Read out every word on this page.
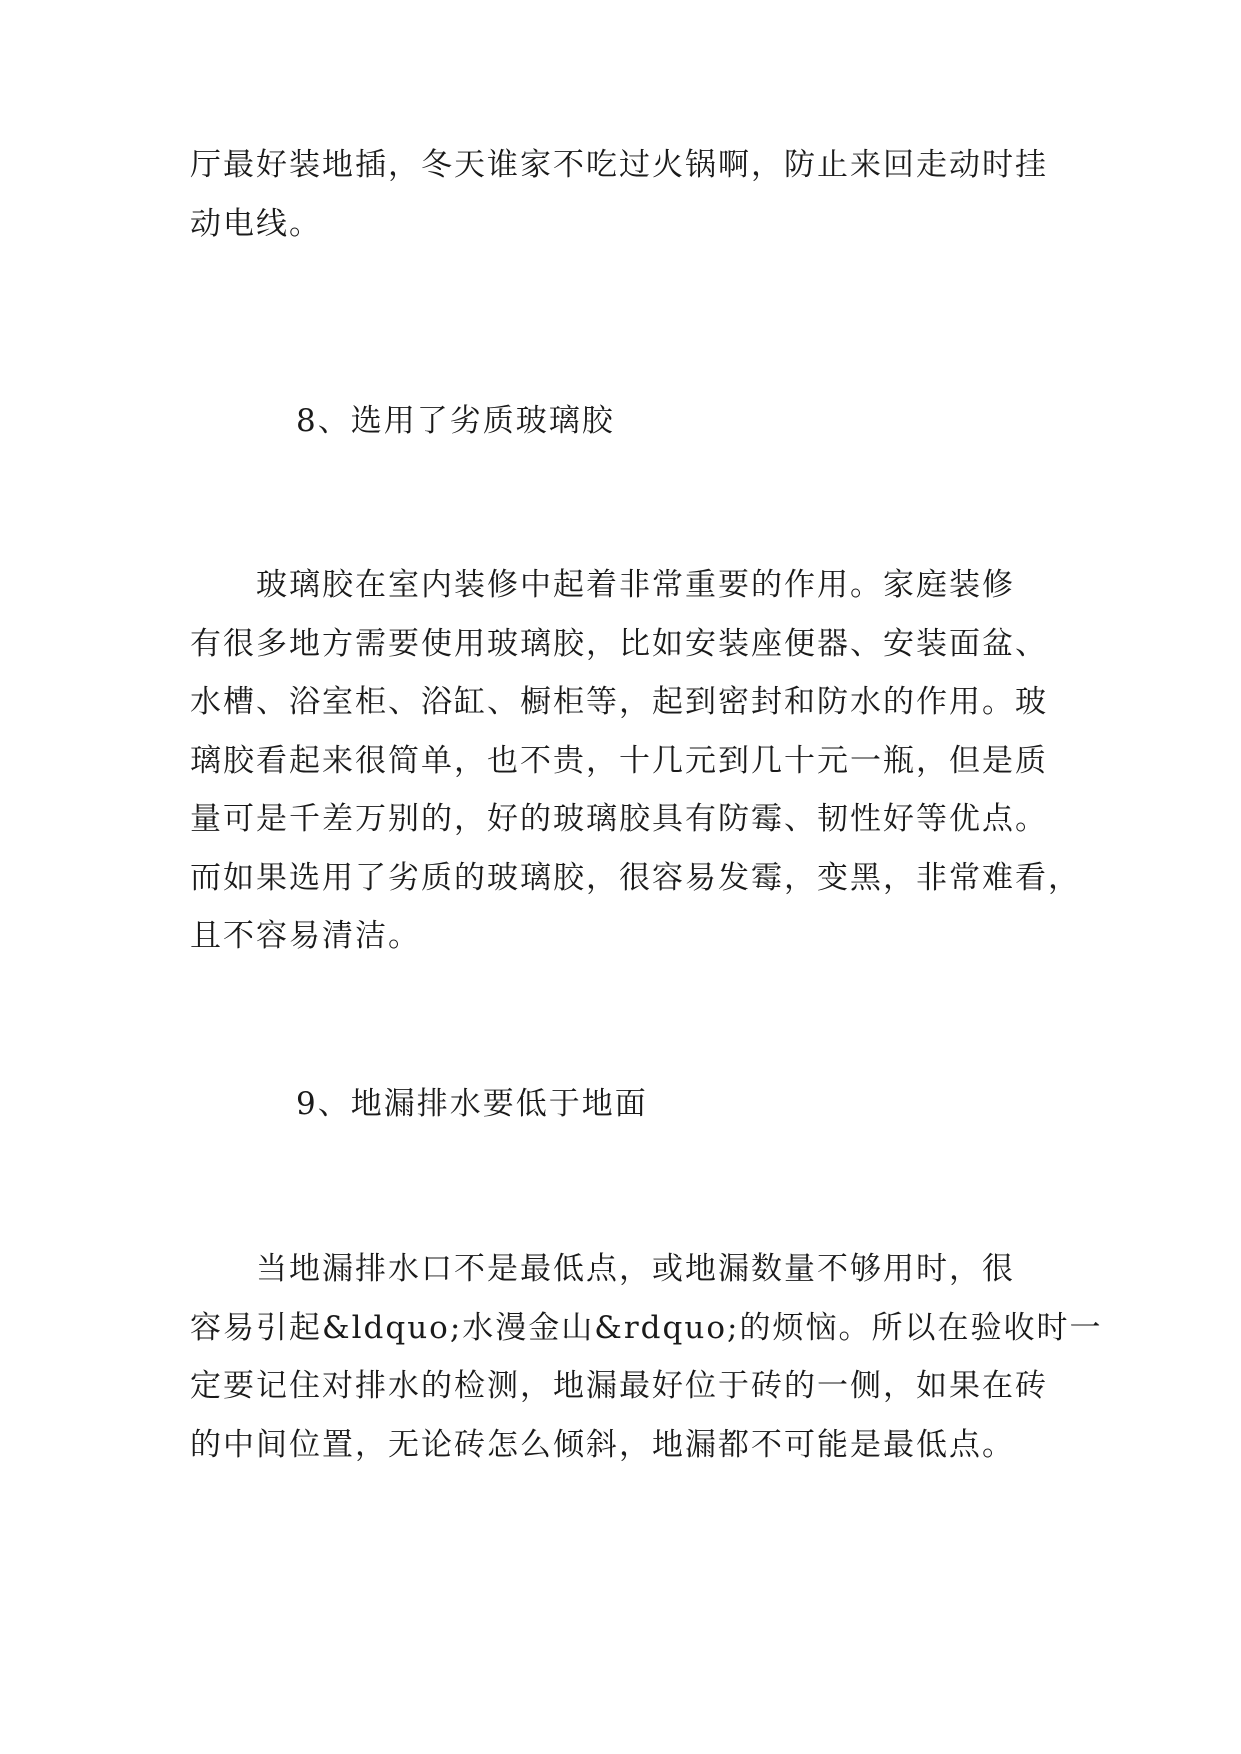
厅最好装地插，冬天谁家不吃过火锅啊，防止来回走动时挂
动电线。

8、选用了劣质玻璃胶

　　玻璃胶在室内装修中起着非常重要的作用。家庭装修
有很多地方需要使用玻璃胶，比如安装座便器、安装面盆、
水槽、浴室柜、浴缸、橱柜等，起到密封和防水的作用。玻
璃胶看起来很简单，也不贵，十几元到几十元一瓶，但是质
量可是千差万别的，好的玻璃胶具有防霉、韧性好等优点。
而如果选用了劣质的玻璃胶，很容易发霉，变黑，非常难看，
且不容易清洁。

9、地漏排水要低于地面

　　当地漏排水口不是最低点，或地漏数量不够用时，很
容易引起&ldquo;水漫金山&rdquo;的烦恼。所以在验收时一
定要记住对排水的检测，地漏最好位于砖的一侧，如果在砖
的中间位置，无论砖怎么倾斜，地漏都不可能是最低点。
